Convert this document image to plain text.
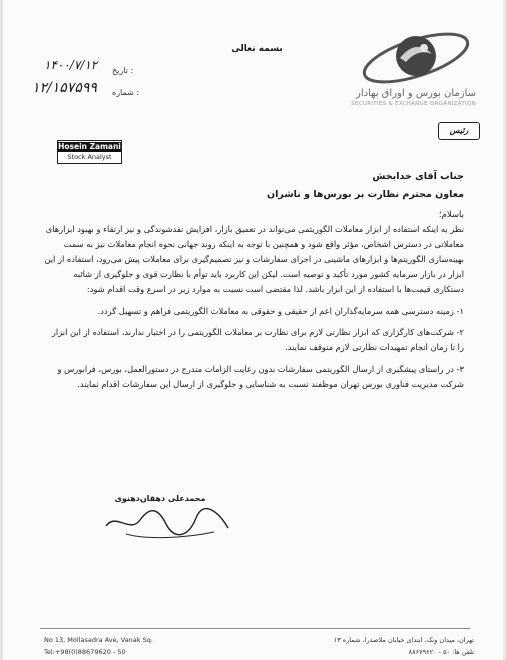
سازمان بورس و اوراق بهادار
SECURITIES & EXCHANGE ORGANIZATION
بسمه تعالی
تاریخ :
شماره :
۱۴۰۰/۷/۱۲
۱۲/۱۵۷۵۹۹
رئیس
Hosein Zamani
Stock Analyst
جناب آقای خدابخش
معاون محترم نظارت بر بورس‌ها و ناشران
باسلام؛

نظر به اینکه استفاده از ابزار معاملات الگوریتمی می‌تواند در تعمیق بازار، افزایش نقدشوندگی و نیز ارتقاء و بهبود ابزارهای معاملاتی در دسترس اشخاص، مؤثر واقع شود و همچنین با توجه به اینکه روند جهانی نحوه انجام معاملات نیز به سمت بهینه‌سازی الگوریتم‌ها و ابزارهای ماشینی در اجرای سفارشات و نیز تصمیم‌گیری برای معاملات پیش می‌رود، استفاده از این ابزار در بازار سرمایه کشور مورد تأکید و توصیه است. لیکن این کاربرد باید توأم با نظارت قوی و جلوگیری از شائبه دستکاری قیمت‌ها با استفاده از این ابزار باشد. لذا مقتضی است نسبت به موارد زیر در اسرع وقت اقدام شود:

۱- زمینه دسترسی همه سرمایه‌گذاران اعم از حقیقی و حقوقی به معاملات الگوریتمی فراهم و تسهیل گردد.

۲- شرکت‌های کارگزاری که ابزار نظارتی لازم برای نظارت بر معاملات الگوریتمی را در اختیار ندارند، استفاده از این ابزار را تا زمان انجام تمهیدات نظارتی لازم متوقف نمایند.

۳- در راستای پیشگیری از ارسال الگوریتمی سفارشات بدون رعایت الزامات مندرج در دستورالعمل، بورس، فرابورس و شرکت مدیریت فناوری بورس تهران موظفند نسبت به شناسایی و جلوگیری از ارسال این سفارشات اقدام نمایند.

محمدعلی دهقان‌دهنوی
No 13, Mollasadra Ave, Vanak Sq.
Tel:+98(0)88679620 - 50
تهران، میدان ونک، ابتدای خیابان ملاصدرا، شماره ۱۳
تلفن ها: ۵۰ - ۸۸۶۷۹۶۲۰
